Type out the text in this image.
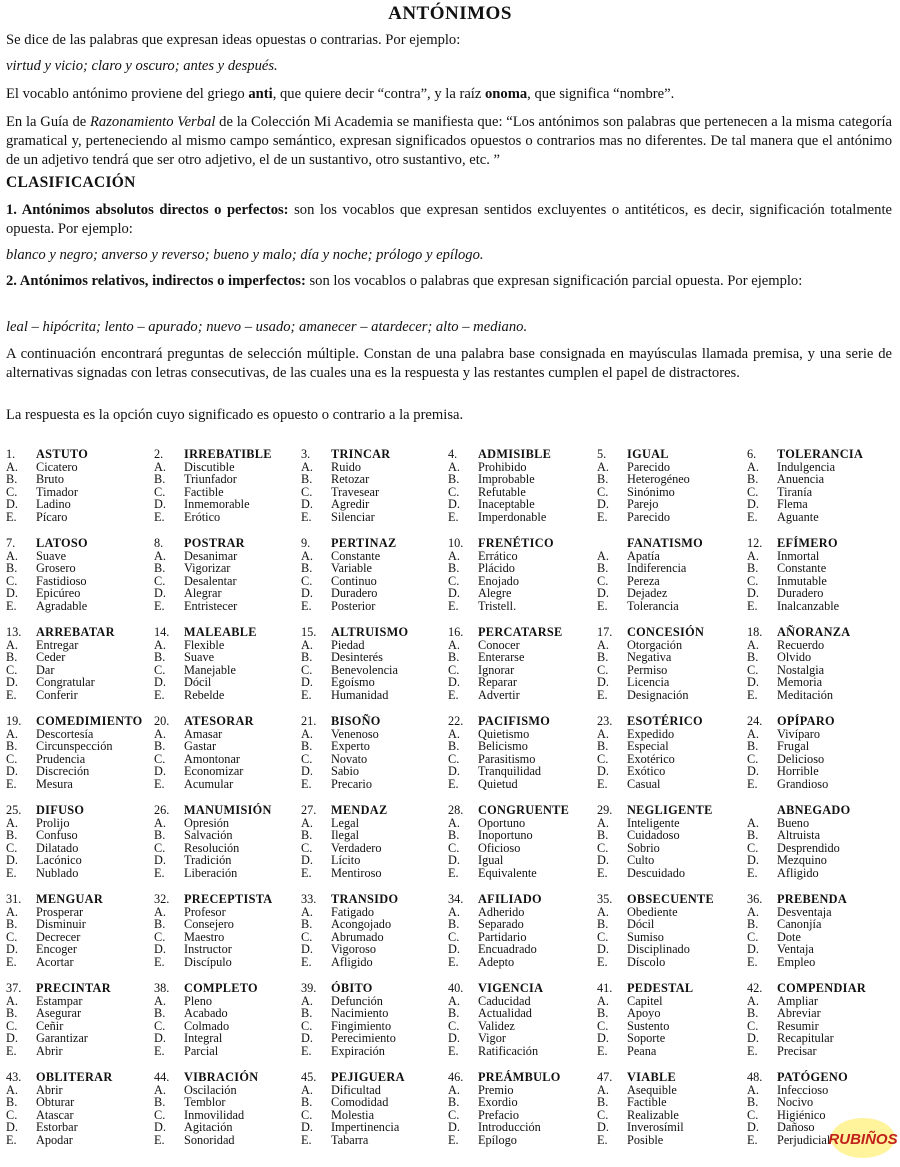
ANTÓNIMOS

Se dice de las palabras que expresan ideas opuestas o contrarias. Por ejemplo:

virtud y vicio; claro y oscuro; antes y después.

El vocablo antónimo proviene del griego anti, que quiere decir “contra”, y la raíz onoma, que significa “nombre”.

En la Guía de Razonamiento Verbal de la Colección Mi Academia se manifiesta que: “Los antónimos son palabras que pertenecen a la misma categoría gramatical y, perteneciendo al mismo campo semántico, expresan significados opuestos o contrarios mas no diferentes. De tal manera que el antónimo de un adjetivo tendrá que ser otro adjetivo, el de un sustantivo, otro sustantivo, etc. ”

CLASIFICACIÓN

1. Antónimos absolutos directos o perfectos: son los vocablos que expresan sentidos excluyentes o antitéticos, es decir, significación totalmente opuesta. Por ejemplo:

blanco y negro; anverso y reverso; bueno y malo; día y noche; prólogo y epílogo.

2. Antónimos relativos, indirectos o imperfectos: son los vocablos o palabras que expresan significación parcial opuesta. Por ejemplo:

leal – hipócrita; lento – apurado; nuevo – usado; amanecer – atardecer; alto – mediano.

A continuación encontrará preguntas de selección múltiple. Constan de una palabra base consignada en mayúsculas llamada premisa, y una serie de alternativas signadas con letras consecutivas, de las cuales una es la respuesta y las restantes cumplen el papel de distractores.

La respuesta es la opción cuyo significado es opuesto o contrario a la premisa.

1.	ASTUTO
A.	Cicatero
B.	Bruto
C.	Timador
D.	Ladino
E.	Pícaro
2.	IRREBATIBLE
A.	Discutible
B.	Triunfador
C.	Factible
D.	Inmemorable
E.	Erótico
3.	TRINCAR
A.	Ruido
B.	Retozar
C.	Travesear
D.	Agredir
E.	Silenciar
4.	ADMISIBLE
A.	Prohibido
B.	Improbable
C.	Refutable
D.	Inaceptable
E.	Imperdonable
5.	IGUAL
A.	Parecido
B.	Heterogéneo
C.	Sinónimo
D.	Parejo
E.	Parecido
6.	TOLERANCIA
A.	Indulgencia
B.	Anuencia
C.	Tiranía
D.	Flema
E.	Aguante
7.	LATOSO
A.	Suave
B.	Grosero
C.	Fastidioso
D.	Epicúreo
E.	Agradable
8.	POSTRAR
A.	Desanimar
B.	Vigorizar
C.	Desalentar
D.	Alegrar
E.	Entristecer
9.	PERTINAZ
A.	Constante
B.	Variable
C.	Continuo
D.	Duradero
E.	Posterior
10.	FRENÉTICO
A.	Errático
B.	Plácido
C.	Enojado
D.	Alegre
E.	Tristell.
FANATISMO
A.	Apatía
B.	Indiferencia
C.	Pereza
D.	Dejadez
E.	Tolerancia
12.	EFÍMERO
A.	Inmortal
B.	Constante
C.	Inmutable
D.	Duradero
E.	Inalcanzable
13.	ARREBATAR
A.	Entregar
B.	Ceder
C.	Dar
D.	Congratular
E.	Conferir
14.	MALEABLE
A.	Flexible
B.	Suave
C.	Manejable
D.	Dócil
E.	Rebelde
15.	ALTRUISMO
A.	Piedad
B.	Desinterés
C.	Benevolencia
D.	Egoísmo
E.	Humanidad
16.	PERCATARSE
A.	Conocer
B.	Enterarse
C.	Ignorar
D.	Reparar
E.	Advertir
17.	CONCESIÓN
A.	Otorgación
B.	Negativa
C.	Permiso
D.	Licencia
E.	Designación
18.	AÑORANZA
A.	Recuerdo
B.	Olvido
C.	Nostalgia
D.	Memoria
E.	Meditación
19.	COMEDIMIENTO
A.	Descortesía
B.	Circunspección
C.	Prudencia
D.	Discreción
E.	Mesura
20.	ATESORAR
A.	Amasar
B.	Gastar
C.	Amontonar
D.	Economizar
E.	Acumular
21.	BISOÑO
A.	Venenoso
B.	Experto
C.	Novato
D.	Sabio
E.	Precario
22.	PACIFISMO
A.	Quietismo
B.	Belicismo
C.	Parasitismo
D.	Tranquilidad
E.	Quietud
23.	ESOTÉRICO
A.	Expedido
B.	Especial
C.	Exotérico
D.	Exótico
E.	Casual
24.	OPÍPARO
A.	Vivíparo
B.	Frugal
C.	Delicioso
D.	Horrible
E.	Grandioso
25.	DIFUSO
A.	Prolijo
B.	Confuso
C.	Dilatado
D.	Lacónico
E.	Nublado
26.	MANUMISIÓN
A.	Opresión
B.	Salvación
C.	Resolución
D.	Tradición
E.	Liberación
27.	MENDAZ
A.	Legal
B.	Ilegal
C.	Verdadero
D.	Lícito
E.	Mentiroso
28.	CONGRUENTE
A.	Oportuno
B.	Inoportuno
C.	Oficioso
D.	Igual
E.	Equivalente
29.	NEGLIGENTE
A.	Inteligente
B.	Cuidadoso
C.	Sobrio
D.	Culto
E.	Descuidado
ABNEGADO
A.	Bueno
B.	Altruista
C.	Desprendido
D.	Mezquino
E.	Afligido
31.	MENGUAR
A.	Prosperar
B.	Disminuir
C.	Decrecer
D.	Encoger
E.	Acortar
32.	PRECEPTISTA
A.	Profesor
B.	Consejero
C.	Maestro
D.	Instructor
E.	Discípulo
33.	TRANSIDO
A.	Fatigado
B.	Acongojado
C.	Abrumado
D.	Vigoroso
E.	Afligido
34.	AFILIADO
A.	Adherido
B.	Separado
C.	Partidario
D.	Encuadrado
E.	Adepto
35.	OBSECUENTE
A.	Obediente
B.	Dócil
C.	Sumiso
D.	Disciplinado
E.	Díscolo
36.	PREBENDA
A.	Desventaja
B.	Canonjía
C.	Dote
D.	Ventaja
E.	Empleo
37.	PRECINTAR
A.	Estampar
B.	Asegurar
C.	Ceñir
D.	Garantizar
E.	Abrir
38.	COMPLETO
A.	Pleno
B.	Acabado
C.	Colmado
D.	Integral
E.	Parcial
39.	ÓBITO
A.	Defunción
B.	Nacimiento
C.	Fingimiento
D.	Perecimiento
E.	Expiración
40.	VIGENCIA
A.	Caducidad
B.	Actualidad
C.	Validez
D.	Vigor
E.	Ratificación
41.	PEDESTAL
A.	Capitel
B.	Apoyo
C.	Sustento
D.	Soporte
E.	Peana
42.	COMPENDIAR
A.	Ampliar
B.	Abreviar
C.	Resumir
D.	Recapitular
E.	Precisar
43.	OBLITERAR
A.	Abrir
B.	Obturar
C.	Atascar
D.	Estorbar
E.	Apodar
44.	VIBRACIÓN
A.	Oscilación
B.	Temblor
C.	Inmovilidad
D.	Agitación
E.	Sonoridad
45.	PEJIGUERA
A.	Dificultad
B.	Comodidad
C.	Molestia
D.	Impertinencia
E.	Tabarra
46.	PREÁMBULO
A.	Premio
B.	Exordio
C.	Prefacio
D.	Introducción
E.	Epílogo
47.	VIABLE
A.	Asequible
B.	Factible
C.	Realizable
D.	Inverosímil
E.	Posible
48.	PATÓGENO
A.	Infeccioso
B.	Nocivo
C.	Higiénico
D.	Dañoso
E.	Perjudicial
RUBIÑOS
